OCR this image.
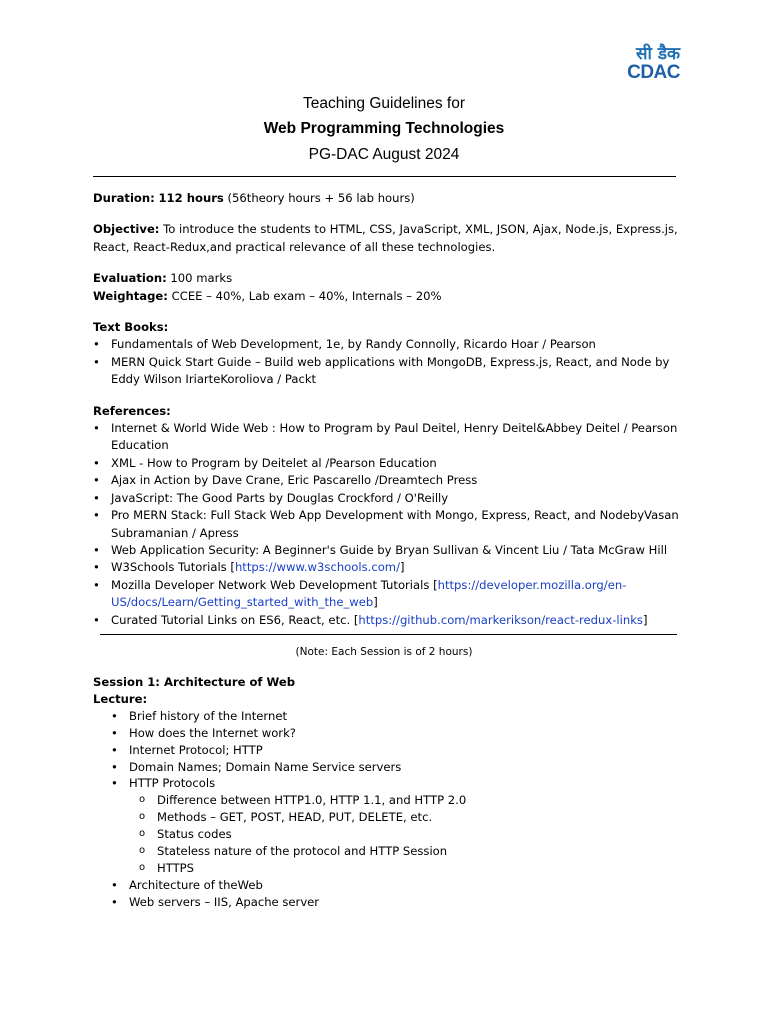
सी डैक
CDAC
Teaching Guidelines for
Web Programming Technologies
PG-DAC August 2024

Duration: 112 hours (56theory hours + 56 lab hours)

Objective: To introduce the students to HTML, CSS, JavaScript, XML, JSON, Ajax, Node.js, Express.js, React, React-Redux,and practical relevance of all these technologies.

Evaluation: 100 marks
Weightage: CCEE – 40%, Lab exam – 40%, Internals – 20%
Text Books:
• Fundamentals of Web Development, 1e, by Randy Connolly, Ricardo Hoar / Pearson
• MERN Quick Start Guide – Build web applications with MongoDB, Express.js, React, and Node by Eddy Wilson IriarteKoroliova / Packt
References:
• Internet & World Wide Web : How to Program by Paul Deitel, Henry Deitel&Abbey Deitel / Pearson Education
• XML - How to Program by Deitelet al /Pearson Education
• Ajax in Action by Dave Crane, Eric Pascarello /Dreamtech Press
• JavaScript: The Good Parts by Douglas Crockford / O'Reilly
• Pro MERN Stack: Full Stack Web App Development with Mongo, Express, React, and NodebyVasan Subramanian / Apress
• Web Application Security: A Beginner's Guide by Bryan Sullivan & Vincent Liu / Tata McGraw Hill
• W3Schools Tutorials [https://www.w3schools.com/]
• Mozilla Developer Network Web Development Tutorials [https://developer.mozilla.org/en-US/docs/Learn/Getting_started_with_the_web]
• Curated Tutorial Links on ES6, React, etc. [https://github.com/markerikson/react-redux-links]
(Note: Each Session is of 2 hours)
Session 1: Architecture of Web
Lecture:
• Brief history of the Internet
• How does the Internet work?
• Internet Protocol; HTTP
• Domain Names; Domain Name Service servers
• HTTP Protocols
o Difference between HTTP1.0, HTTP 1.1, and HTTP 2.0
o Methods – GET, POST, HEAD, PUT, DELETE, etc.
o Status codes
o Stateless nature of the protocol and HTTP Session
o HTTPS
• Architecture of theWeb
• Web servers – IIS, Apache server
